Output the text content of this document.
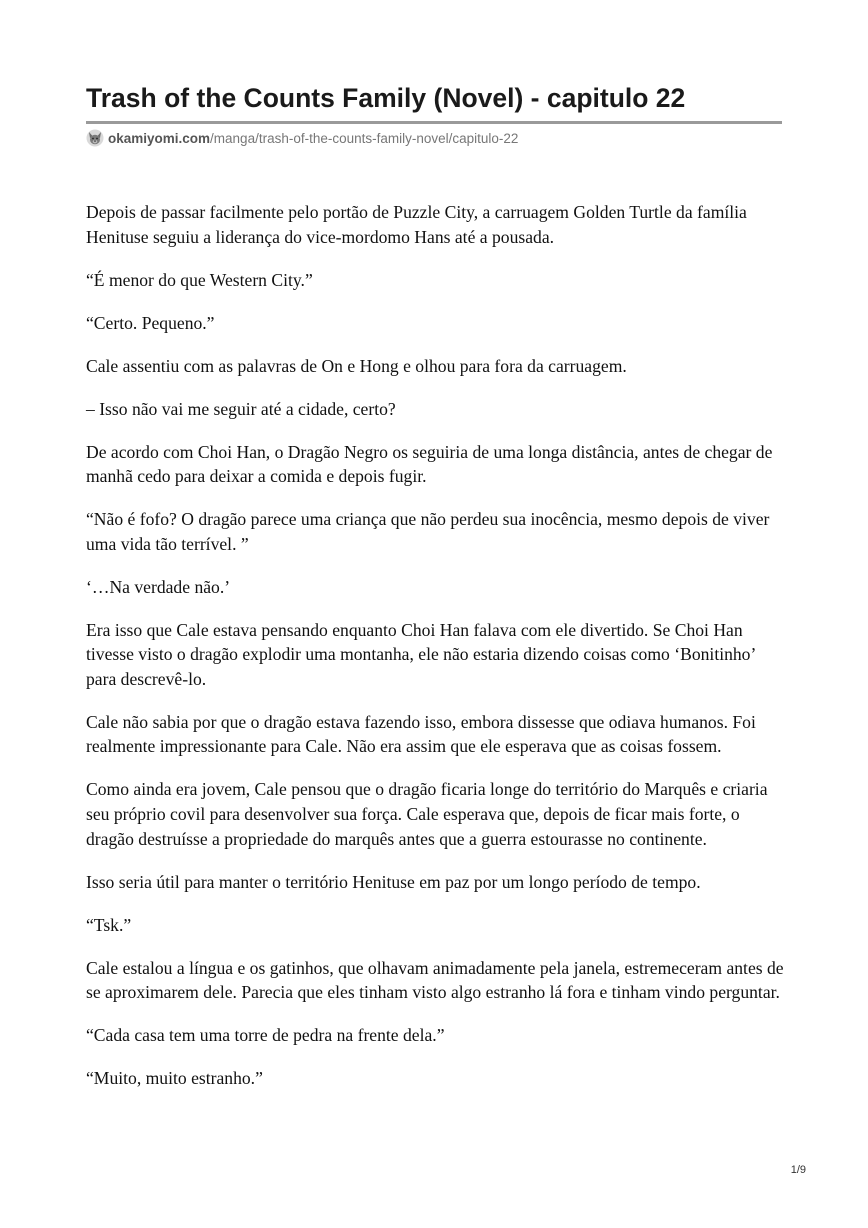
Trash of the Counts Family (Novel) - capitulo 22
okamiyomi.com /manga/trash-of-the-counts-family-novel/capitulo-22

Depois de passar facilmente pelo portão de Puzzle City, a carruagem Golden Turtle da família Henituse seguiu a liderança do vice-mordomo Hans até a pousada.

“É menor do que Western City.”

“Certo. Pequeno.”

Cale assentiu com as palavras de On e Hong e olhou para fora da carruagem.

– Isso não vai me seguir até a cidade, certo?

De acordo com Choi Han, o Dragão Negro os seguiria de uma longa distância, antes de chegar de manhã cedo para deixar a comida e depois fugir.

“Não é fofo? O dragão parece uma criança que não perdeu sua inocência, mesmo depois de viver uma vida tão terrível. ”

‘…Na verdade não.’

Era isso que Cale estava pensando enquanto Choi Han falava com ele divertido. Se Choi Han tivesse visto o dragão explodir uma montanha, ele não estaria dizendo coisas como ‘Bonitinho’ para descrevê-lo.

Cale não sabia por que o dragão estava fazendo isso, embora dissesse que odiava humanos. Foi realmente impressionante para Cale. Não era assim que ele esperava que as coisas fossem.

Como ainda era jovem, Cale pensou que o dragão ficaria longe do território do Marquês e criaria seu próprio covil para desenvolver sua força. Cale esperava que, depois de ficar mais forte, o dragão destruísse a propriedade do marquês antes que a guerra estourasse no continente.

Isso seria útil para manter o território Henituse em paz por um longo período de tempo.

“Tsk.”

Cale estalou a língua e os gatinhos, que olhavam animadamente pela janela, estremeceram antes de se aproximarem dele. Parecia que eles tinham visto algo estranho lá fora e tinham vindo perguntar.

“Cada casa tem uma torre de pedra na frente dela.”

“Muito, muito estranho.”

1/9
